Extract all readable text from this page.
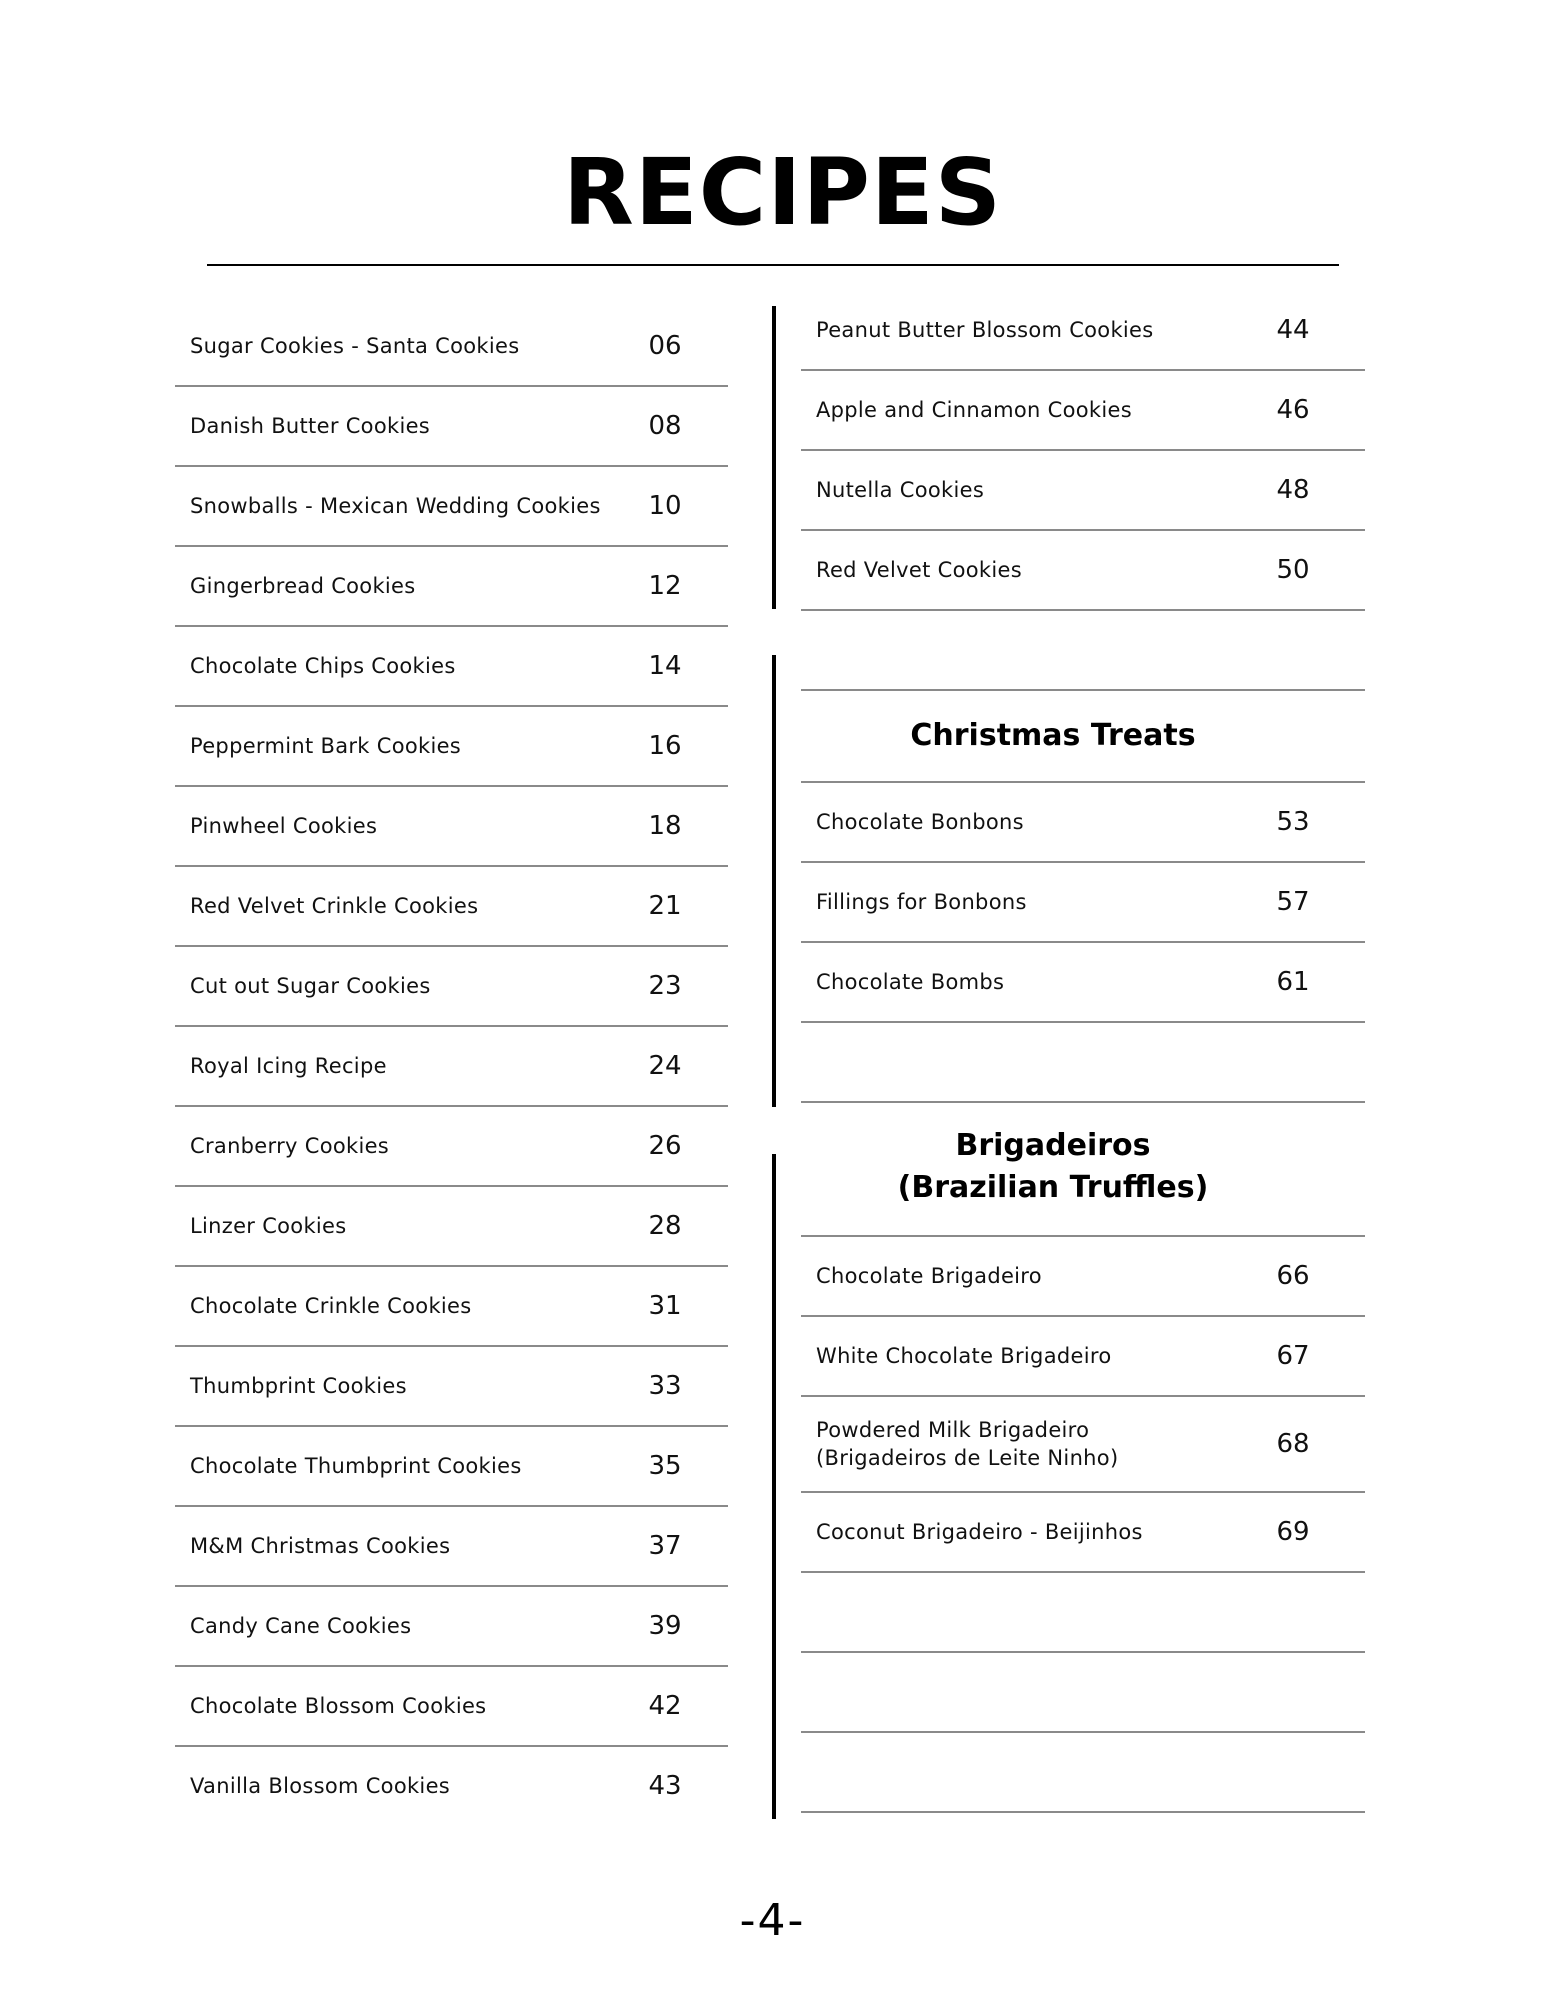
RECIPES
Sugar Cookies - Santa Cookies	06
Danish Butter Cookies	08
Snowballs - Mexican Wedding Cookies 10
Gingerbread Cookies	12
Chocolate Chips Cookies	14
Peppermint Bark Cookies	16
Pinwheel Cookies	18
Red Velvet Crinkle Cookies	21
Cut out Sugar Cookies	23
Royal Icing Recipe	24
Cranberry Cookies	26
Linzer Cookies	28
Chocolate Crinkle Cookies	31
Thumbprint Cookies	33
Chocolate Thumbprint Cookies	35
M&M Christmas Cookies	37
Candy Cane Cookies	39
Chocolate Blossom Cookies	42
Vanilla Blossom Cookies	43
Peanut Butter Blossom Cookies	44
Apple and Cinnamon Cookies	46
Nutella Cookies	48
Red Velvet Cookies	50
Christmas Treats
Chocolate Bonbons	53
Fillings for Bonbons	57
Chocolate Bombs	61
Brigadeiros
(Brazilian Truffles)
Chocolate Brigadeiro	66
White Chocolate Brigadeiro	67
Powdered Milk Brigadeiro
(Brigadeiros de Leite Ninho)	68
Coconut Brigadeiro - Beijinhos	69
-4-
